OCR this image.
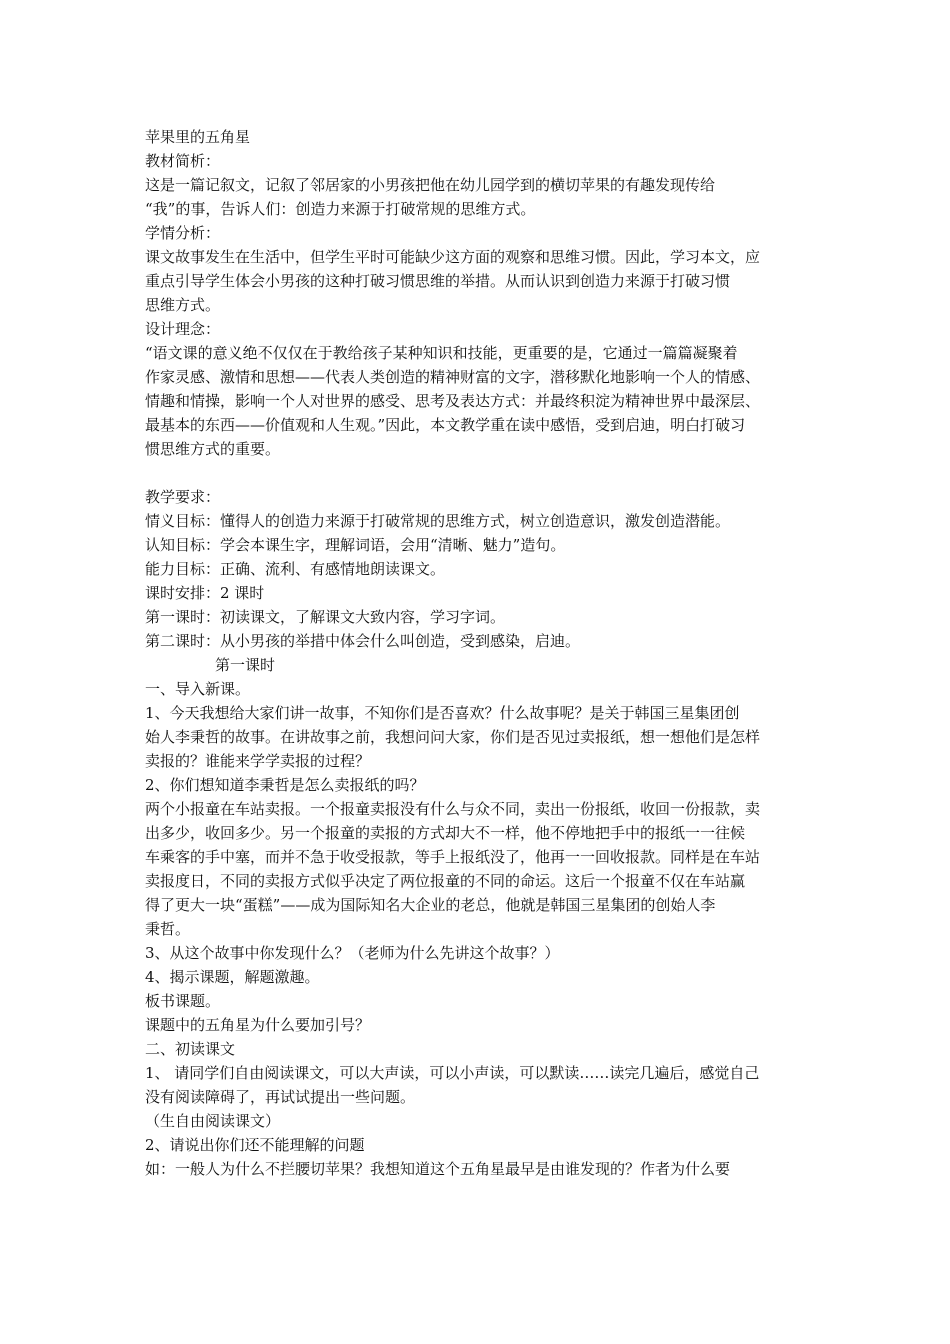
苹果里的五角星
教材简析：
这是一篇记叙文，记叙了邻居家的小男孩把他在幼儿园学到的横切苹果的有趣发现传给
“我”的事，告诉人们：创造力来源于打破常规的思维方式。
学情分析：
课文故事发生在生活中，但学生平时可能缺少这方面的观察和思维习惯。因此，学习本文，应
重点引导学生体会小男孩的这种打破习惯思维的举措。从而认识到创造力来源于打破习惯
思维方式。
设计理念：
“语文课的意义绝不仅仅在于教给孩子某种知识和技能，更重要的是，它通过一篇篇凝聚着
作家灵感、激情和思想——代表人类创造的精神财富的文字，潜移默化地影响一个人的情感、
情趣和情操，影响一个人对世界的感受、思考及表达方式：并最终积淀为精神世界中最深层、
最基本的东西——价值观和人生观。”因此，本文教学重在读中感悟，受到启迪，明白打破习
惯思维方式的重要。
教学要求：
情义目标：懂得人的创造力来源于打破常规的思维方式，树立创造意识，激发创造潜能。
认知目标：学会本课生字，理解词语，会用“清晰、魅力”造句。
能力目标：正确、流利、有感情地朗读课文。
课时安排：2 课时
第一课时：初读课文，了解课文大致内容，学习字词。
第二课时：从小男孩的举措中体会什么叫创造，受到感染，启迪。
第一课时
一、导入新课。
1、今天我想给大家们讲一故事，不知你们是否喜欢？什么故事呢？是关于韩国三星集团创
始人李秉哲的故事。在讲故事之前，我想问问大家，你们是否见过卖报纸，想一想他们是怎样
卖报的？谁能来学学卖报的过程？
2、你们想知道李秉哲是怎么卖报纸的吗？
两个小报童在车站卖报。一个报童卖报没有什么与众不同，卖出一份报纸，收回一份报款，卖
出多少，收回多少。另一个报童的卖报的方式却大不一样，他不停地把手中的报纸一一往候
车乘客的手中塞，而并不急于收受报款，等手上报纸没了，他再一一回收报款。同样是在车站
卖报度日，不同的卖报方式似乎决定了两位报童的不同的命运。这后一个报童不仅在车站赢
得了更大一块“蛋糕”——成为国际知名大企业的老总，他就是韩国三星集团的创始人李
秉哲。
3、从这个故事中你发现什么？（老师为什么先讲这个故事？）
4、揭示课题，解题激趣。
板书课题。
课题中的五角星为什么要加引号？
二、初读课文
1、 请同学们自由阅读课文，可以大声读，可以小声读，可以默读……读完几遍后，感觉自己
没有阅读障碍了，再试试提出一些问题。
（生自由阅读课文）
2、请说出你们还不能理解的问题
如：一般人为什么不拦腰切苹果？我想知道这个五角星最早是由谁发现的？作者为什么要
